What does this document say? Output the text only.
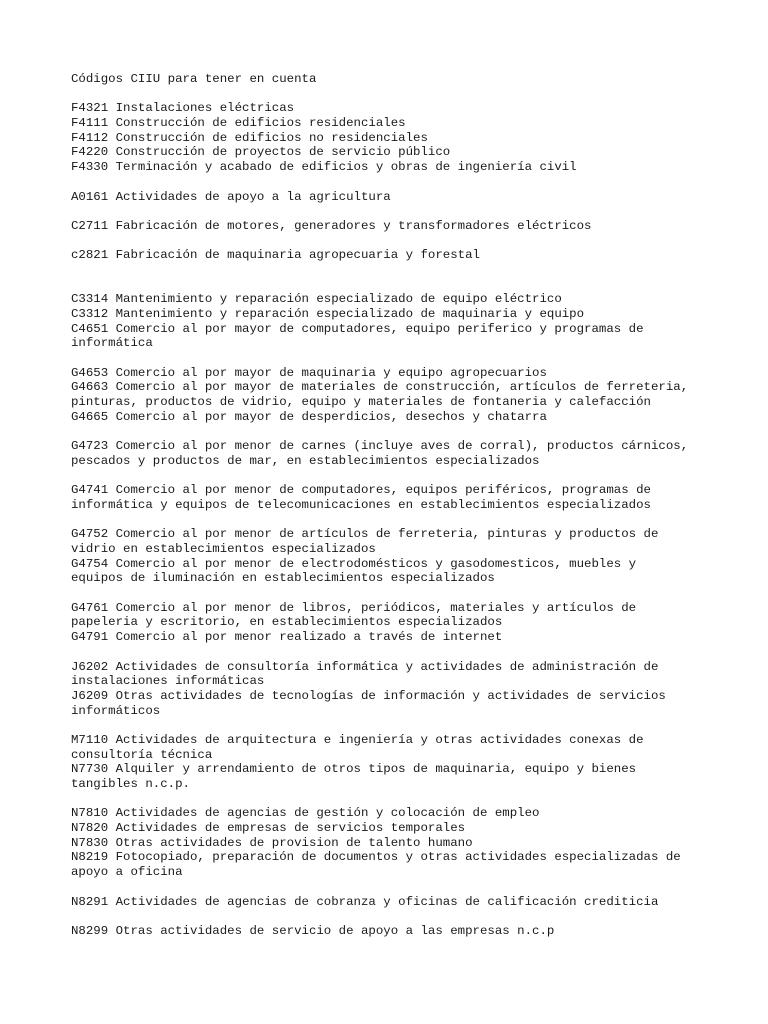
Códigos CIIU para tener en cuenta
F4321 Instalaciones eléctricas
F4111 Construcción de edificios residenciales
F4112 Construcción de edificios no residenciales
F4220 Construcción de proyectos de servicio público
F4330 Terminación y acabado de edificios y obras de ingeniería civil
A0161 Actividades de apoyo a la agricultura
C2711 Fabricación de motores, generadores y transformadores eléctricos
c2821 Fabricación de maquinaria agropecuaria y forestal
C3314 Mantenimiento y reparación especializado de equipo eléctrico
C3312 Mantenimiento y reparación especializado de maquinaria y equipo
C4651 Comercio al por mayor de computadores, equipo periferico y programas de
informática
G4653 Comercio al por mayor de maquinaria y equipo agropecuarios
G4663 Comercio al por mayor de materiales de construcción, artículos de ferreteria,
pinturas, productos de vidrio, equipo y materiales de fontaneria y calefacción
G4665 Comercio al por mayor de desperdicios, desechos y chatarra
G4723 Comercio al por menor de carnes (incluye aves de corral), productos cárnicos,
pescados y productos de mar, en establecimientos especializados
G4741 Comercio al por menor de computadores, equipos periféricos, programas de
informática y equipos de telecomunicaciones en establecimientos especializados
G4752 Comercio al por menor de artículos de ferreteria, pinturas y productos de
vidrio en establecimientos especializados
G4754 Comercio al por menor de electrodomésticos y gasodomesticos, muebles y
equipos de iluminación en establecimientos especializados
G4761 Comercio al por menor de libros, periódicos, materiales y artículos de
papeleria y escritorio, en establecimientos especializados
G4791 Comercio al por menor realizado a través de internet
J6202 Actividades de consultoría informática y actividades de administración de
instalaciones informáticas
J6209 Otras actividades de tecnologías de información y actividades de servicios
informáticos
M7110 Actividades de arquitectura e ingeniería y otras actividades conexas de
consultoría técnica
N7730 Alquiler y arrendamiento de otros tipos de maquinaria, equipo y bienes
tangibles n.c.p.
N7810 Actividades de agencias de gestión y colocación de empleo
N7820 Actividades de empresas de servicios temporales
N7830 Otras actividades de provision de talento humano
N8219 Fotocopiado, preparación de documentos y otras actividades especializadas de
apoyo a oficina
N8291 Actividades de agencias de cobranza y oficinas de calificación crediticia
N8299 Otras actividades de servicio de apoyo a las empresas n.c.p
